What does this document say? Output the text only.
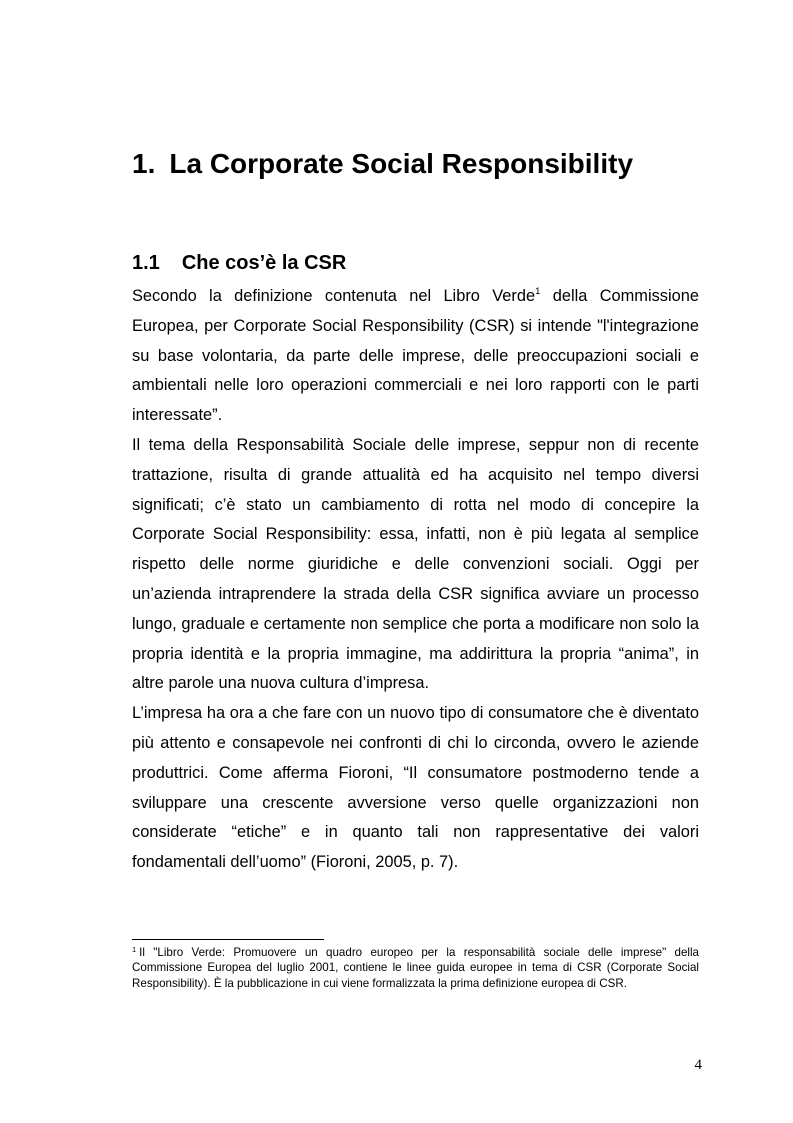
1. La Corporate Social Responsibility
1.1 Che cos’è la CSR

Secondo la definizione contenuta nel Libro Verde$^1$ della Commissione Europea, per Corporate Social Responsibility (CSR) si intende "l'integrazione su base volontaria, da parte delle imprese, delle preoccupazioni sociali e ambientali nelle loro operazioni commerciali e nei loro rapporti con le parti interessate”.

Il tema della Responsabilità Sociale delle imprese, seppur non di recente trattazione, risulta di grande attualità ed ha acquisito nel tempo diversi significati; c’è stato un cambiamento di rotta nel modo di concepire la Corporate Social Responsibility: essa, infatti, non è più legata al semplice rispetto delle norme giuridiche e delle convenzioni sociali. Oggi per un’azienda intraprendere la strada della CSR significa avviare un processo lungo, graduale e certamente non semplice che porta a modificare non solo la propria identità e la propria immagine, ma addirittura la propria “anima”, in altre parole una nuova cultura d’impresa.

L’impresa ha ora a che fare con un nuovo tipo di consumatore che è diventato più attento e consapevole nei confronti di chi lo circonda, ovvero le aziende produttrici. Come afferma Fioroni, “Il consumatore postmoderno tende a sviluppare una crescente avversione verso quelle organizzazioni non considerate “etiche” e in quanto tali non rappresentative dei valori fondamentali dell’uomo” (Fioroni, 2005, p. 7).

$^1$ Il "Libro Verde: Promuovere un quadro europeo per la responsabilità sociale delle imprese" della Commissione Europea del luglio 2001, contiene le linee guida europee in tema di CSR (Corporate Social Responsibility). È la pubblicazione in cui viene formalizzata la prima definizione europea di CSR.

4
